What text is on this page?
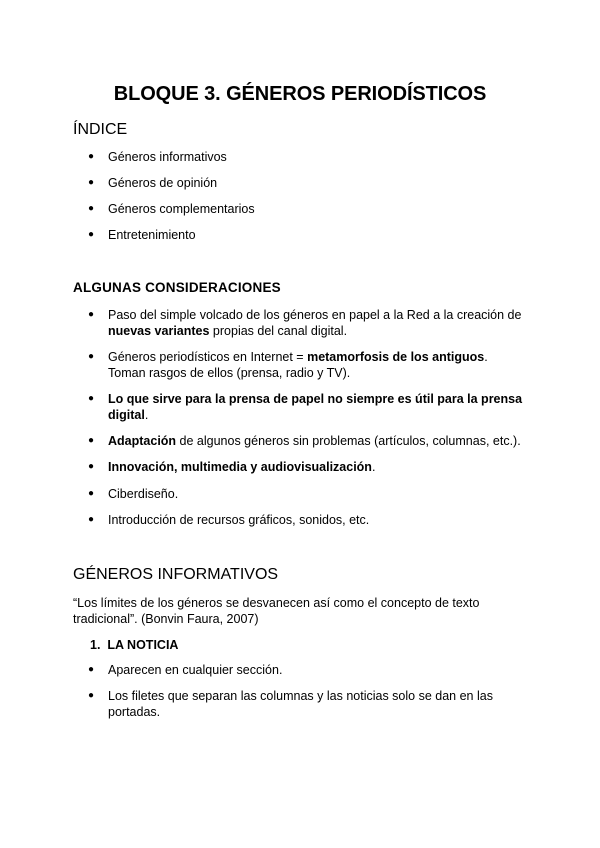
BLOQUE 3. GÉNEROS PERIODÍSTICOS
ÍNDICE
●	Géneros informativos
●	Géneros de opinión
●	Géneros complementarios
●	Entretenimiento
ALGUNAS CONSIDERACIONES
●	Paso del simple volcado de los géneros en papel a la Red a la creación de nuevas variantes propias del canal digital.
●	Géneros periodísticos en Internet = metamorfosis de los antiguos. Toman rasgos de ellos (prensa, radio y TV).
●	Lo que sirve para la prensa de papel no siempre es útil para la prensa digital.
●	Adaptación de algunos géneros sin problemas (artículos, columnas, etc.).
●	Innovación, multimedia y audiovisualización.
●	Ciberdiseño.
●	Introducción de recursos gráficos, sonidos, etc.
GÉNEROS INFORMATIVOS

“Los límites de los géneros se desvanecen así como el concepto de texto tradicional”. (Bonvin Faura, 2007)

1. LA NOTICIA
●	Aparecen en cualquier sección.
●	Los filetes que separan las columnas y las noticias solo se dan en las portadas.
